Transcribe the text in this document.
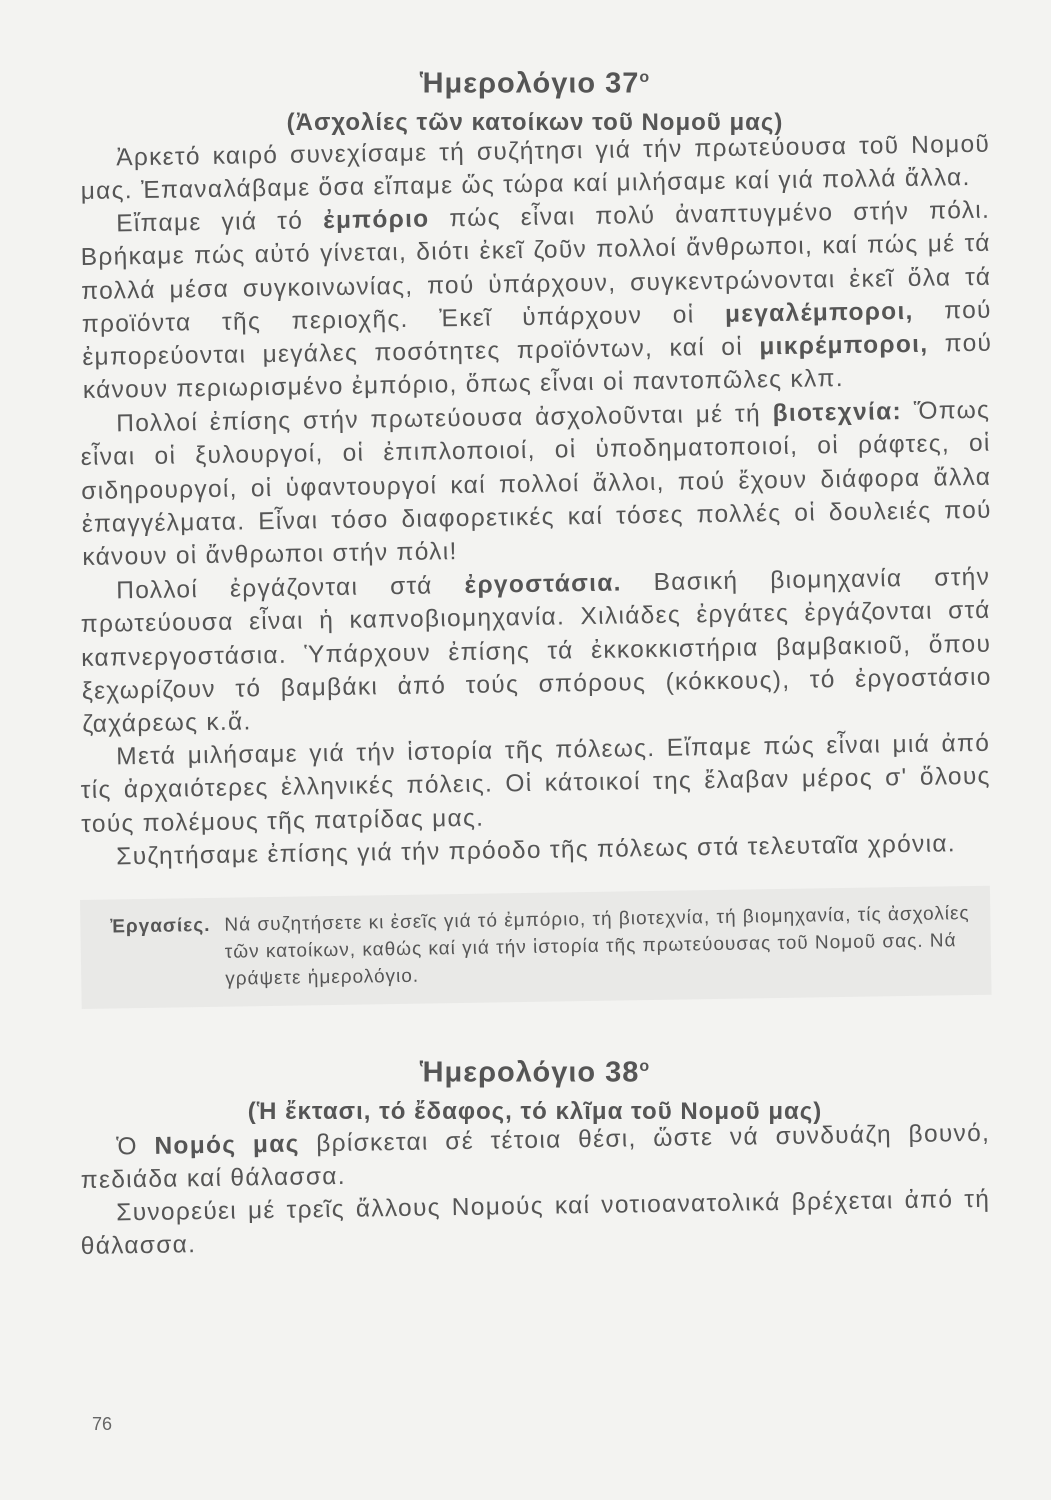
Ἡμερολόγιο $37^o$
(Ἀσχολίες τῶν κατοίκων τοῦ Νομοῦ μας)

Ἀρκετό καιρό συνεχίσαμε τή συζήτησι γιά τήν πρωτεύουσα τοῦ Νομοῦ μας. Ἐπαναλάβαμε ὅσα εἴπαμε ὥς τώρα καί μιλήσαμε καί γιά πολλά ἄλλα.

Εἴπαμε γιά τό ἐμπόριο πώς εἶναι πολύ ἀναπτυγμένο στήν πόλι. Βρήκαμε πώς αὐτό γίνεται, διότι ἐκεῖ ζοῦν πολλοί ἄνθρωποι, καί πώς μέ τά πολλά μέσα συγκοινωνίας, πού ὑπάρχουν, συγκεντρώνονται ἐκεῖ ὅλα τά προϊόντα τῆς περιοχῆς. Ἐκεῖ ὑπάρχουν οἱ μεγαλέμποροι, πού ἐμπορεύονται μεγάλες ποσότητες προϊόντων, καί οἱ μικρέμποροι, πού κάνουν περιωρισμένο ἐμπόριο, ὅπως εἶναι οἱ παντοπῶλες κλπ.

Πολλοί ἐπίσης στήν πρωτεύουσα ἀσχολοῦνται μέ τή βιοτεχνία: Ὅπως εἶναι οἱ ξυλουργοί, οἱ ἐπιπλοποιοί, οἱ ὑποδηματοποιοί, οἱ ράφτες, οἱ σιδηρουργοί, οἱ ὑφαντουργοί καί πολλοί ἄλλοι, πού ἔχουν διάφορα ἄλλα ἐπαγγέλματα. Εἶναι τόσο διαφορετικές καί τόσες πολλές οἱ δουλειές πού κάνουν οἱ ἄνθρωποι στήν πόλι!

Πολλοί ἐργάζονται στά ἐργοστάσια. Βασική βιομηχανία στήν πρωτεύουσα εἶναι ἡ καπνοβιομηχανία. Χιλιάδες ἐργάτες ἐργάζονται στά καπνεργοστάσια. Ὑπάρχουν ἐπίσης τά ἐκκοκκιστήρια βαμβακιοῦ, ὅπου ξεχωρίζουν τό βαμβάκι ἀπό τούς σπόρους (κόκκους), τό ἐργοστάσιο ζαχάρεως κ.ἄ.

Μετά μιλήσαμε γιά τήν ἱστορία τῆς πόλεως. Εἴπαμε πώς εἶναι μιά ἀπό τίς ἀρχαιότερες ἑλληνικές πόλεις. Οἱ κάτοικοί της ἔλαβαν μέρος σ' ὅλους τούς πολέμους τῆς πατρίδας μας.

Συζητήσαμε ἐπίσης γιά τήν πρόοδο τῆς πόλεως στά τελευταῖα χρόνια.

Ἐργασίες. Νά συζητήσετε κι ἐσεῖς γιά τό ἐμπόριο, τή βιοτεχνία, τή βιομηχανία, τίς ἀσχολίες τῶν κατοίκων, καθώς καί γιά τήν ἱστορία τῆς πρωτεύουσας τοῦ Νομοῦ σας. Νά γράψετε ἡμερολόγιο.
Ἡμερολόγιο $38^o$
(Ἡ ἔκτασι, τό ἔδαφος, τό κλῖμα τοῦ Νομοῦ μας)

Ὁ Νομός μας βρίσκεται σέ τέτοια θέσι, ὥστε νά συνδυάζη βουνό, πεδιάδα καί θάλασσα.

Συνορεύει μέ τρεῖς ἄλλους Νομούς καί νοτιοανατολικά βρέχεται ἀπό τή θάλασσα.

76
